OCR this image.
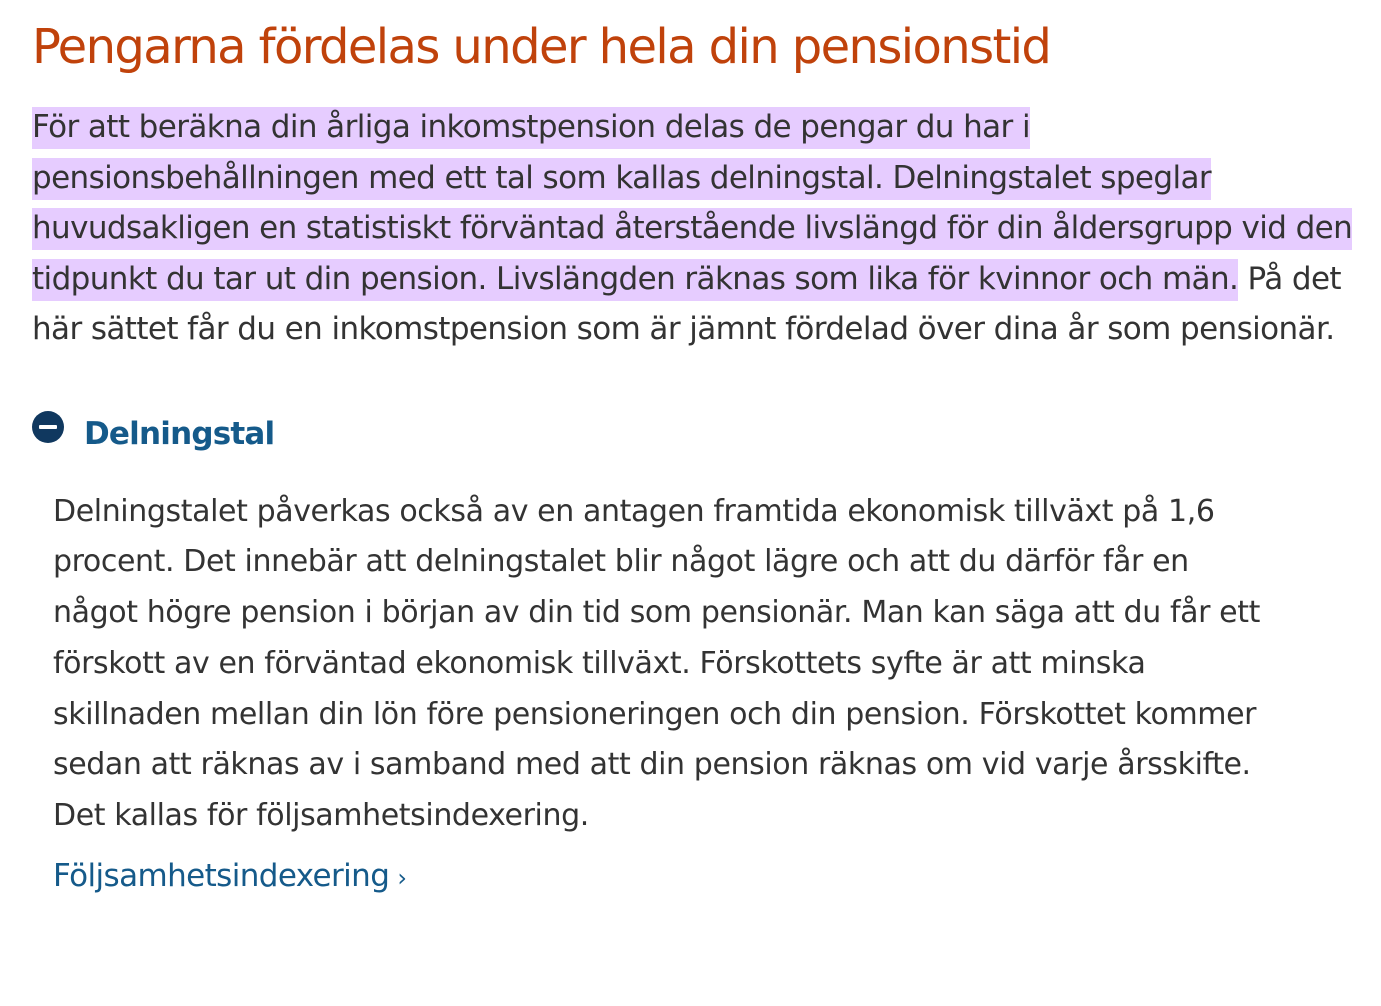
Pengarna fördelas under hela din pensionstid

För att beräkna din årliga inkomstpension delas de pengar du har i pensionsbehållningen med ett tal som kallas delningstal. Delningstalet speglar huvudsakligen en statistiskt förväntad återstående livslängd för din åldersgrupp vid den tidpunkt du tar ut din pension. Livslängden räknas som lika för kvinnor och män. På det här sättet får du en inkomstpension som är jämnt fördelad över dina år som pensionär.

Delningstal
Delningstalet påverkas också av en antagen framtida ekonomisk tillväxt på 1,6 procent. Det innebär att delningstalet blir något lägre och att du därför får en något högre pension i början av din tid som pensionär. Man kan säga att du får ett förskott av en förväntad ekonomisk tillväxt. Förskottets syfte är att minska skillnaden mellan din lön före pensioneringen och din pension. Förskottet kommer sedan att räknas av i samband med att din pension räknas om vid varje årsskifte. Det kallas för följsamhetsindexering.
Följsamhetsindexering ›
